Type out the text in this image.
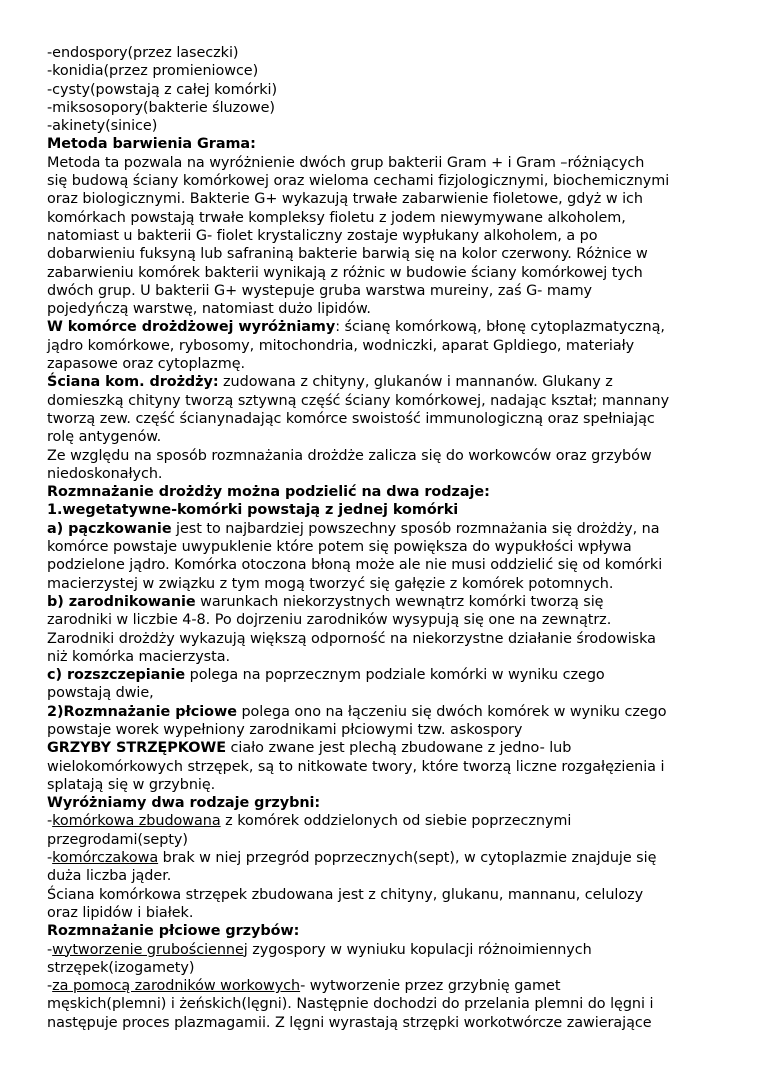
-endospory(przez laseczki)
-konidia(przez promieniowce)
-cysty(powstają z całej komórki)
-miksosopory(bakterie śluzowe)
-akinety(sinice)
Metoda barwienia Grama:
Metoda ta pozwala na wyróżnienie dwóch grup bakterii Gram + i Gram –różniących
się budową ściany komórkowej oraz wieloma cechami fizjologicznymi, biochemicznymi
oraz biologicznymi. Bakterie G+ wykazują trwałe zabarwienie fioletowe, gdyż w ich
komórkach powstają trwałe kompleksy fioletu z jodem niewymywane alkoholem,
natomiast u bakterii G- fiolet krystaliczny zostaje wypłukany alkoholem, a po
dobarwieniu fuksyną lub safraniną bakterie barwią się na kolor czerwony. Różnice w
zabarwieniu komórek bakterii wynikają z różnic w budowie ściany komórkowej tych
dwóch grup. U bakterii G+ wystepuje gruba warstwa mureiny, zaś G- mamy
pojedyńczą warstwę, natomiast dużo lipidów.
W komórce drożdżowej wyróżniamy: ścianę komórkową, błonę cytoplazmatyczną,
jądro komórkowe, rybosomy, mitochondria, wodniczki, aparat Gpldiego, materiały
zapasowe oraz cytoplazmę.
Ściana kom. drożdży: zudowana z chityny, glukanów i mannanów. Glukany z
domieszką chityny tworzą sztywną część ściany komórkowej, nadając kształ; mannany
tworzą zew. część ścianynadając komórce swoistość immunologiczną oraz spełniając
rolę antygenów.
Ze względu na sposób rozmnażania drożdże zalicza się do workowców oraz grzybów
niedoskonałych.
Rozmnażanie drożdży można podzielić na dwa rodzaje:
1.wegetatywne-komórki powstają z jednej komórki
a) pączkowanie jest to najbardziej powszechny sposób rozmnażania się drożdży, na
komórce powstaje uwypuklenie które potem się powiększa do wypukłości wpływa
podzielone jądro. Komórka otoczona błoną może ale nie musi oddzielić się od komórki
macierzystej w związku z tym mogą tworzyć się gałęzie z komórek potomnych.
b) zarodnikowanie warunkach niekorzystnych wewnątrz komórki tworzą się
zarodniki w liczbie 4-8. Po dojrzeniu zarodników wysypują się one na zewnątrz.
Zarodniki drożdży wykazują większą odporność na niekorzystne działanie środowiska
niż komórka macierzysta.
c) rozszczepianie polega na poprzecznym podziale komórki w wyniku czego
powstają dwie,
2)Rozmnażanie płciowe polega ono na łączeniu się dwóch komórek w wyniku czego
powstaje worek wypełniony zarodnikami płciowymi tzw. askospory
GRZYBY STRZĘPKOWE ciało zwane jest plechą zbudowane z jedno- lub
wielokomórkowych strzępek, są to nitkowate twory, które tworzą liczne rozgałęzienia i
splatają się w grzybnię.
Wyróżniamy dwa rodzaje grzybni:
-komórkowa zbudowana z komórek oddzielonych od siebie poprzecznymi
przegrodami(septy)
-komórczakowa brak w niej przegród poprzecznych(sept), w cytoplazmie znajduje się
duża liczba jąder.
Ściana komórkowa strzępek zbudowana jest z chityny, glukanu, mannanu, celulozy
oraz lipidów i białek.
Rozmnażanie płciowe grzybów:
-wytworzenie grubościennej zygospory w wyniuku kopulacji różnoimiennych
strzępek(izogamety)
-za pomocą zarodników workowych- wytworzenie przez grzybnię gamet
męskich(plemni) i żeńskich(lęgni). Następnie dochodzi do przelania plemni do lęgni i
następuje proces plazmagamii. Z lęgni wyrastają strzępki workotwórcze zawierające
